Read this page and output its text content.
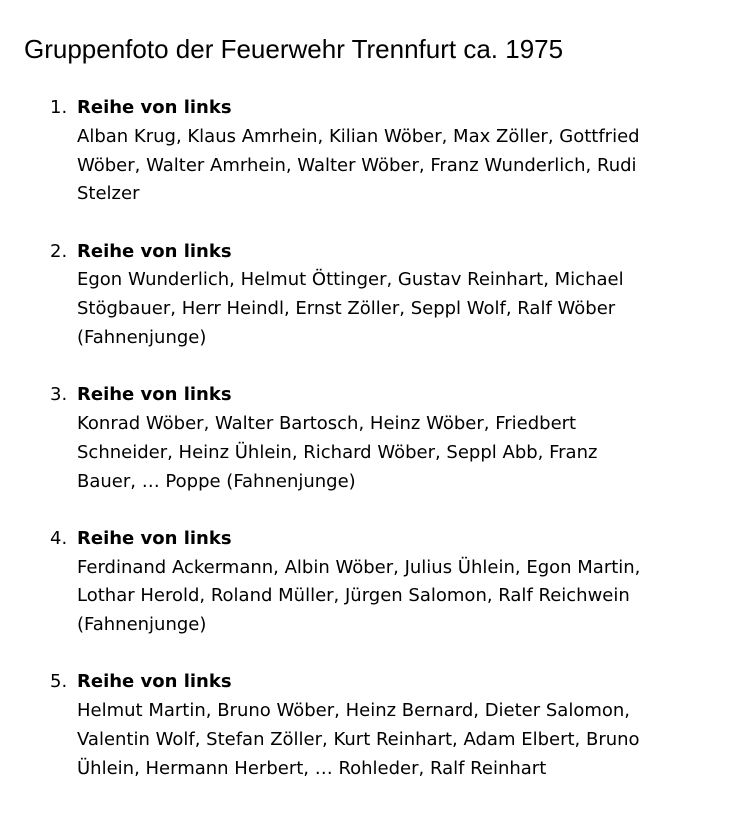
Gruppenfoto der Feuerwehr Trennfurt ca. 1975
1. Reihe von links
Alban Krug, Klaus Amrhein, Kilian Wöber, Max Zöller, Gottfried
Wöber, Walter Amrhein, Walter Wöber, Franz Wunderlich, Rudi
Stelzer
2. Reihe von links
Egon Wunderlich, Helmut Öttinger, Gustav Reinhart, Michael
Stögbauer, Herr Heindl, Ernst Zöller, Seppl Wolf, Ralf Wöber
(Fahnenjunge)
3. Reihe von links
Konrad Wöber, Walter Bartosch, Heinz Wöber, Friedbert
Schneider, Heinz Ühlein, Richard Wöber, Seppl Abb, Franz
Bauer, … Poppe (Fahnenjunge)
4. Reihe von links
Ferdinand Ackermann, Albin Wöber, Julius Ühlein, Egon Martin,
Lothar Herold, Roland Müller, Jürgen Salomon, Ralf Reichwein
(Fahnenjunge)
5. Reihe von links
Helmut Martin, Bruno Wöber, Heinz Bernard, Dieter Salomon,
Valentin Wolf, Stefan Zöller, Kurt Reinhart, Adam Elbert, Bruno
Ühlein, Hermann Herbert, … Rohleder, Ralf Reinhart
